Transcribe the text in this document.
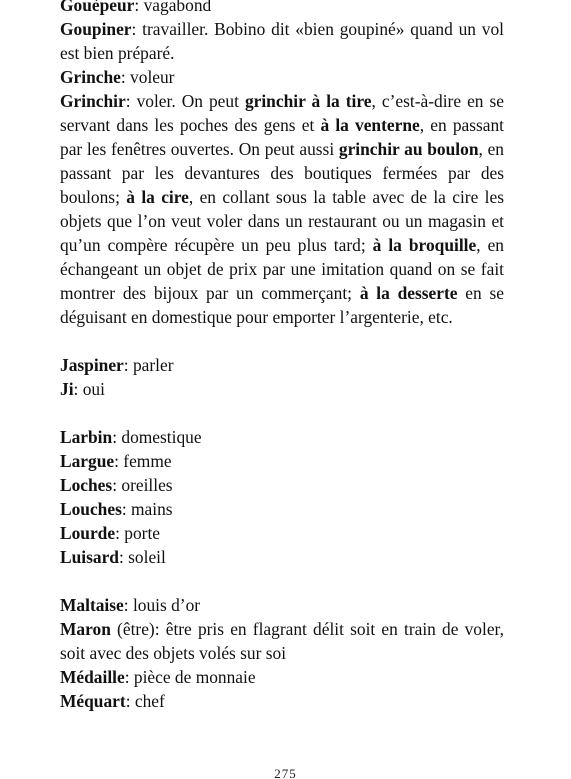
Gouèpeur: vagabond

Goupiner: travailler. Bobino dit «bien goupiné» quand un vol est bien préparé.

Grinche: voleur

Grinchir: voler. On peut grinchir à la tire, c’est-à-dire en se servant dans les poches des gens et à la venterne, en passant par les fenêtres ouvertes. On peut aussi grinchir au boulon, en passant par les devantures des boutiques fermées par des boulons; à la cire, en collant sous la table avec de la cire les objets que l’on veut voler dans un restaurant ou un magasin et qu’un compère récupère un peu plus tard; à la broquille, en échangeant un objet de prix par une imitation quand on se fait montrer des bijoux par un commerçant; à la desserte en se déguisant en domestique pour emporter l’argenterie, etc.

Jaspiner: parler

Ji: oui

Larbin: domestique

Largue: femme

Loches: oreilles

Louches: mains

Lourde: porte

Luisard: soleil

Maltaise: louis d’or

Maron (être): être pris en flagrant délit soit en train de voler, soit avec des objets volés sur soi

Médaille: pièce de monnaie

Méquart: chef

275
